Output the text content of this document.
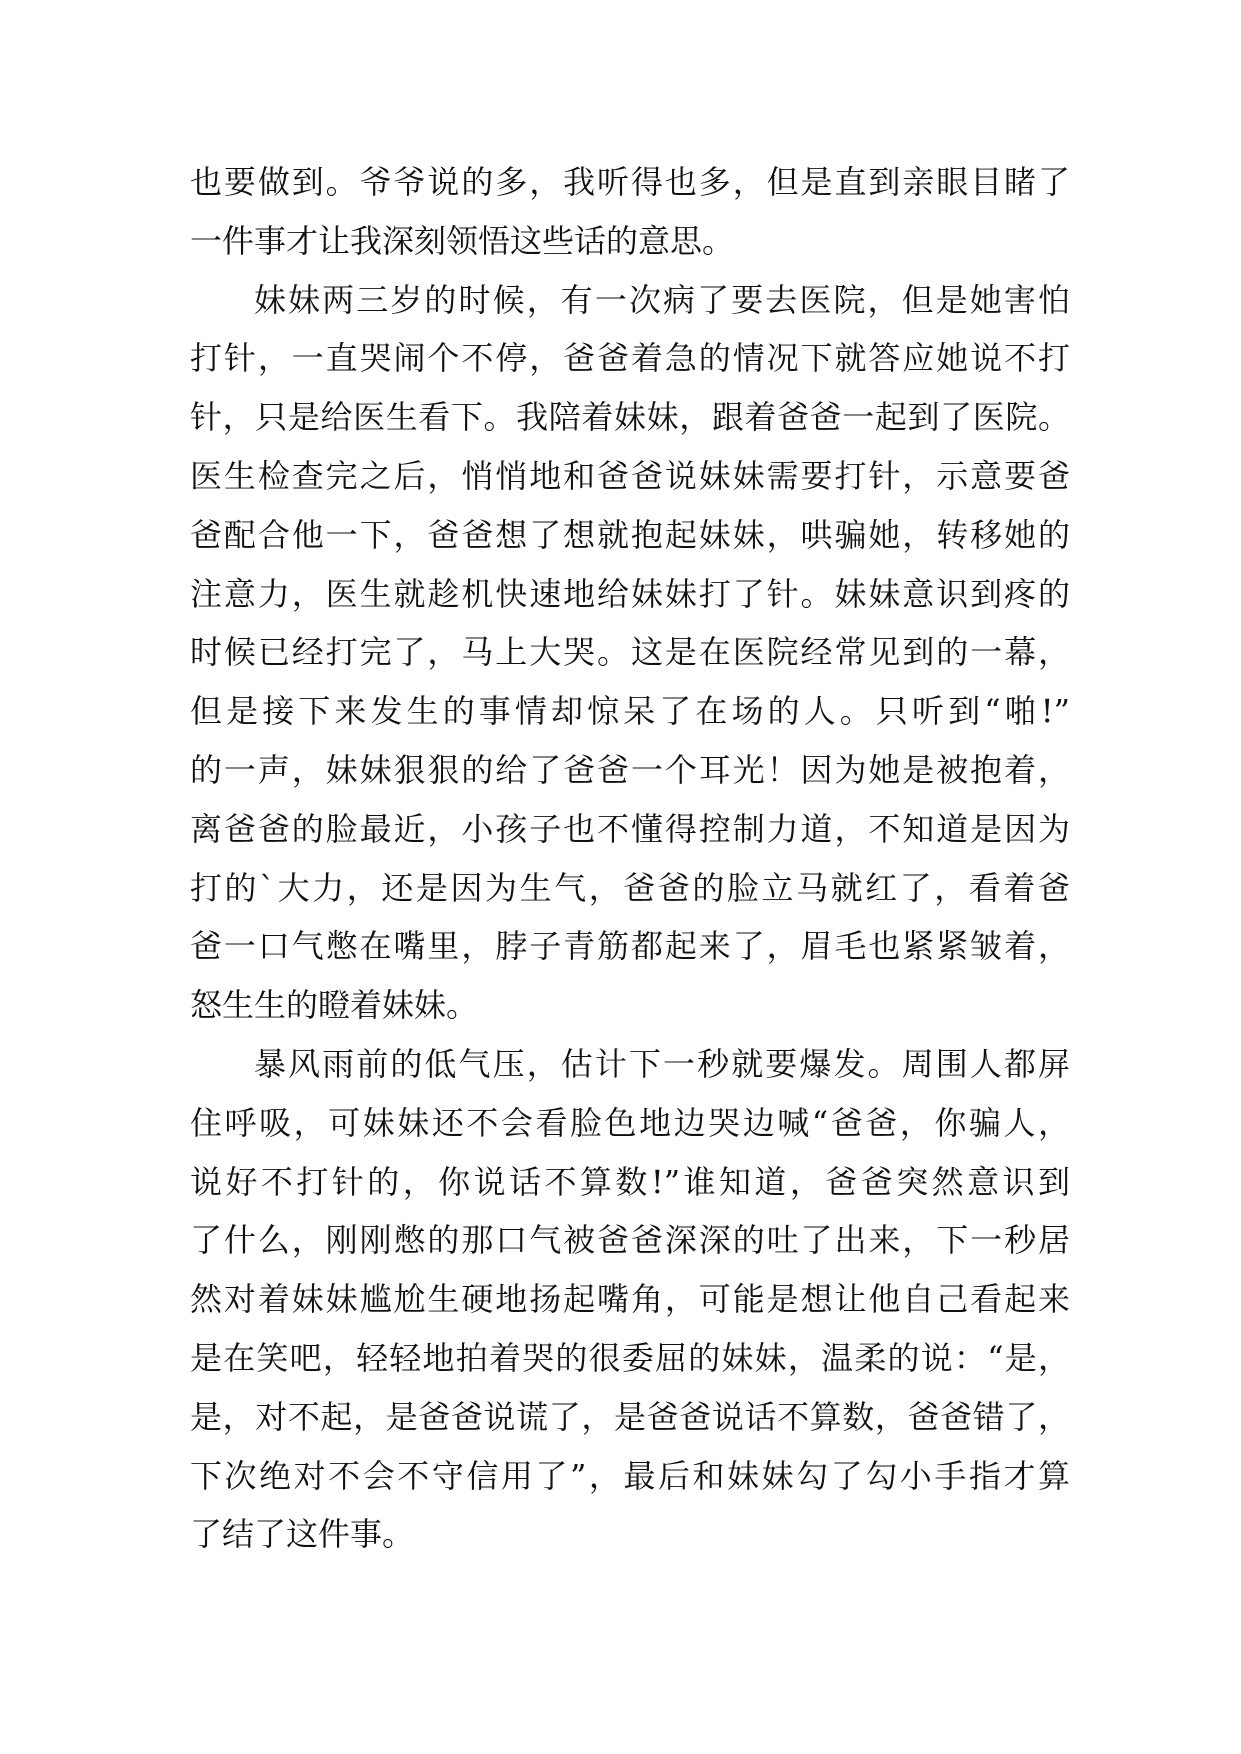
也要做到。爷爷说的多，我听得也多，但是直到亲眼目睹了
一件事才让我深刻领悟这些话的意思。
妹妹两三岁的时候，有一次病了要去医院，但是她害怕
打针，一直哭闹个不停，爸爸着急的情况下就答应她说不打
针，只是给医生看下。我陪着妹妹，跟着爸爸一起到了医院。
医生检查完之后，悄悄地和爸爸说妹妹需要打针，示意要爸
爸配合他一下，爸爸想了想就抱起妹妹，哄骗她，转移她的
注意力，医生就趁机快速地给妹妹打了针。妹妹意识到疼的
时候已经打完了，马上大哭。这是在医院经常见到的一幕，
但是接下来发生的事情却惊呆了在场的人。只听到“啪!”
的一声，妹妹狠狠的给了爸爸一个耳光！因为她是被抱着，
离爸爸的脸最近，小孩子也不懂得控制力道，不知道是因为
打的`大力，还是因为生气，爸爸的脸立马就红了，看着爸
爸一口气憋在嘴里，脖子青筋都起来了，眉毛也紧紧皱着，
怒生生的瞪着妹妹。
暴风雨前的低气压，估计下一秒就要爆发。周围人都屏
住呼吸，可妹妹还不会看脸色地边哭边喊“爸爸，你骗人，
说好不打针的，你说话不算数!”谁知道，爸爸突然意识到
了什么，刚刚憋的那口气被爸爸深深的吐了出来，下一秒居
然对着妹妹尴尬生硬地扬起嘴角，可能是想让他自己看起来
是在笑吧，轻轻地拍着哭的很委屈的妹妹，温柔的说：“是，
是，对不起，是爸爸说谎了，是爸爸说话不算数，爸爸错了，
下次绝对不会不守信用了”，最后和妹妹勾了勾小手指才算
了结了这件事。
